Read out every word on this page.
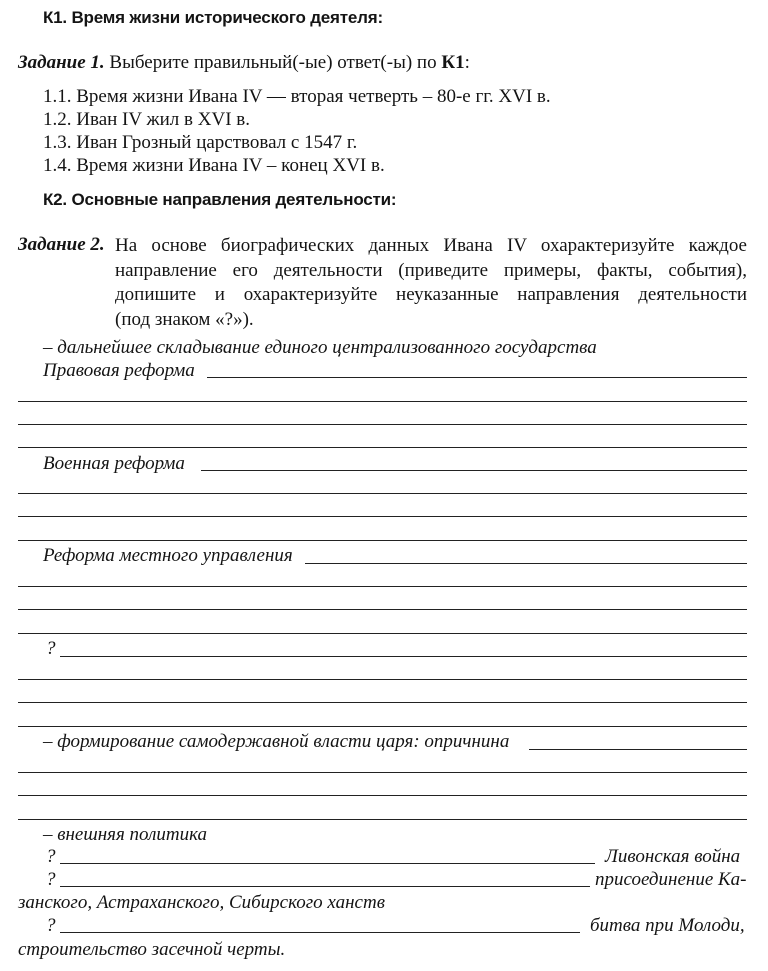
К1. Время жизни исторического деятеля:
Задание 1. Выберите правильный(-ые) ответ(-ы) по К1:
1.1. Время жизни Ивана IV — вторая четверть – 80-е гг. XVI в.
1.2. Иван IV жил в XVI в.
1.3. Иван Грозный царствовал с 1547 г.
1.4. Время жизни Ивана IV – конец XVI в.
К2. Основные направления деятельности:
Задание 2. На основе биографических данных Ивана IV охарактеризуйте каждое
направление его деятельности (приведите примеры, факты, события),
допишите и охарактеризуйте неуказанные направления деятельности
(под знаком «?»).
– дальнейшее складывание единого централизованного государства
Правовая реформа
Военная реформа
Реформа местного управления
?
– формирование самодержавной власти царя: опричнина
– внешняя политика
?	Ливонская война
?	присоединение Ка-
занского, Астраханского, Сибирского ханств
?	битва при Молоди,
строительство засечной черты.
